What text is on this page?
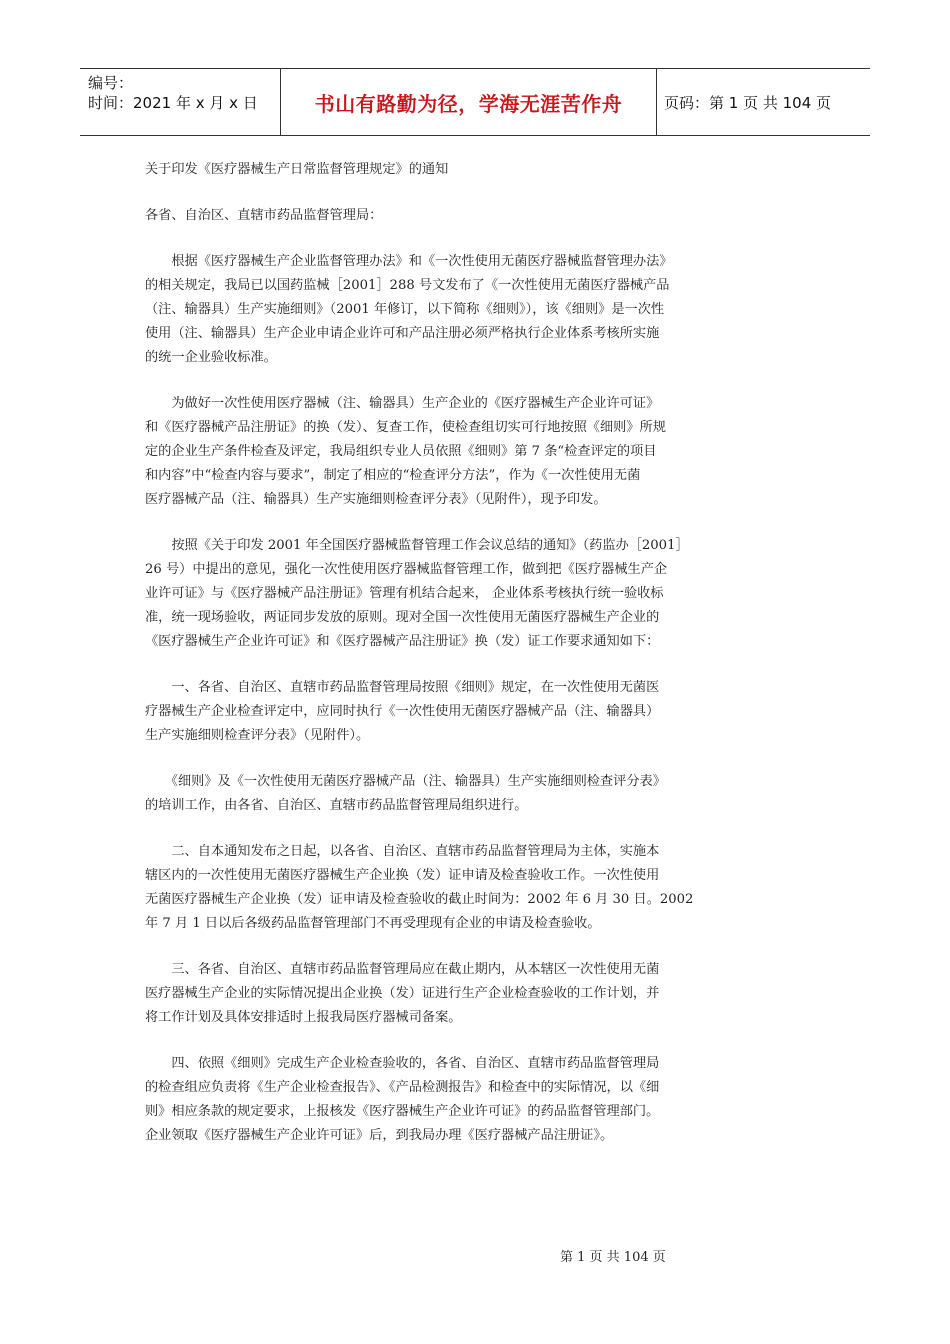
编号：
时间：2021 年 x 月 x 日	书山有路勤为径，学海无涯苦作舟	页码：第 1 页 共 104 页

关于印发《医疗器械生产日常监督管理规定》的通知

各省、自治区、直辖市药品监督管理局：

　　根据《医疗器械生产企业监督管理办法》和《一次性使用无菌医疗器械监督管理办法》
的相关规定，我局已以国药监械［2001］288 号文发布了《一次性使用无菌医疗器械产品
（注、输器具）生产实施细则》（2001 年修订，以下简称《细则》），该《细则》是一次性
使用（注、输器具）生产企业申请企业许可和产品注册必须严格执行企业体系考核所实施
的统一企业验收标准。

　　为做好一次性使用医疗器械（注、输器具）生产企业的《医疗器械生产企业许可证》
和《医疗器械产品注册证》的换（发）、复查工作，使检查组切实可行地按照《细则》所规
定的企业生产条件检查及评定，我局组织专业人员依照《细则》第 7 条“检查评定的项目
和内容”中“检查内容与要求”，制定了相应的“检查评分方法”，作为《一次性使用无菌
医疗器械产品（注、输器具）生产实施细则检查评分表》（见附件），现予印发。

　　按照《关于印发 2001 年全国医疗器械监督管理工作会议总结的通知》（药监办［2001］
26 号）中提出的意见，强化一次性使用医疗器械监督管理工作，做到把《医疗器械生产企
业许可证》与《医疗器械产品注册证》管理有机结合起来， 企业体系考核执行统一验收标
准，统一现场验收，两证同步发放的原则。现对全国一次性使用无菌医疗器械生产企业的
《医疗器械生产企业许可证》和《医疗器械产品注册证》换（发）证工作要求通知如下：

　　一、各省、自治区、直辖市药品监督管理局按照《细则》规定，在一次性使用无菌医
疗器械生产企业检查评定中，应同时执行《一次性使用无菌医疗器械产品（注、输器具）
生产实施细则检查评分表》（见附件）。

　　《细则》及《一次性使用无菌医疗器械产品（注、输器具）生产实施细则检查评分表》
的培训工作，由各省、自治区、直辖市药品监督管理局组织进行。

　　二、自本通知发布之日起，以各省、自治区、直辖市药品监督管理局为主体，实施本
辖区内的一次性使用无菌医疗器械生产企业换（发）证申请及检查验收工作。一次性使用
无菌医疗器械生产企业换（发）证申请及检查验收的截止时间为：2002 年 6 月 30 日。2002
年 7 月 1 日以后各级药品监督管理部门不再受理现有企业的申请及检查验收。

　　三、各省、自治区、直辖市药品监督管理局应在截止期内，从本辖区一次性使用无菌
医疗器械生产企业的实际情况提出企业换（发）证进行生产企业检查验收的工作计划，并
将工作计划及具体安排适时上报我局医疗器械司备案。

　　四、依照《细则》完成生产企业检查验收的，各省、自治区、直辖市药品监督管理局
的检查组应负责将《生产企业检查报告》、《产品检测报告》和检查中的实际情况，以《细
则》相应条款的规定要求，上报核发《医疗器械生产企业许可证》的药品监督管理部门。
企业领取《医疗器械生产企业许可证》后，到我局办理《医疗器械产品注册证》。

第 1 页 共 104 页
